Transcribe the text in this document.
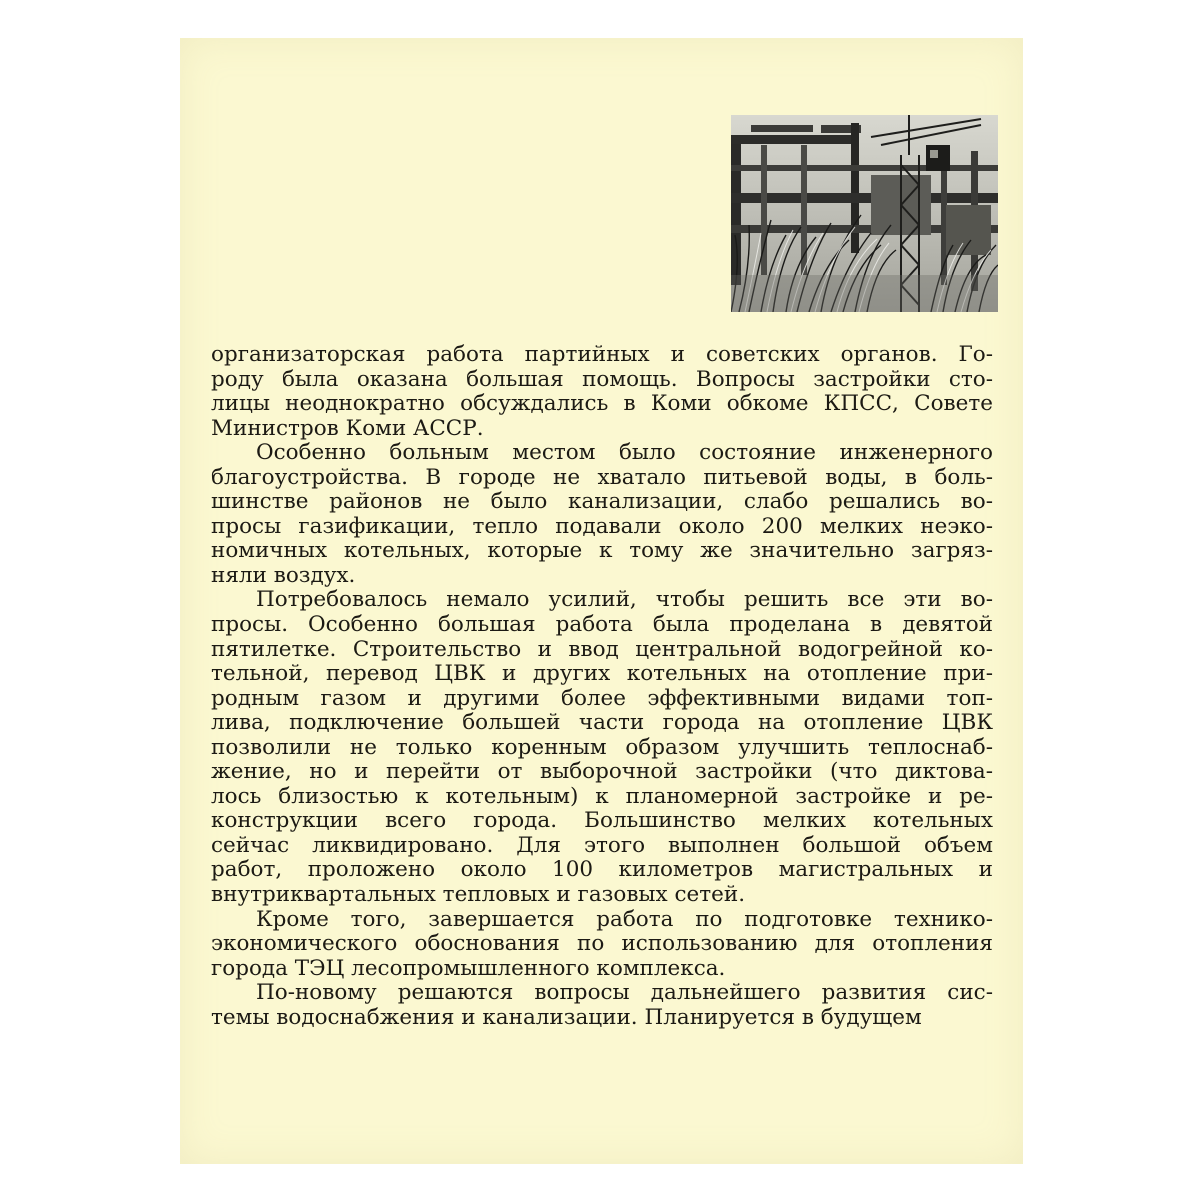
организаторская работа партийных и советских органов. Го-
роду была оказана большая помощь. Вопросы застройки сто-
лицы неоднократно обсуждались в Коми обкоме КПСС, Совете
Министров Коми АССР.
Особенно больным местом было состояние инженерного
благоустройства. В городе не хватало питьевой воды, в боль-
шинстве районов не было канализации, слабо решались во-
просы газификации, тепло подавали около 200 мелких неэко-
номичных котельных, которые к тому же значительно загряз-
няли воздух.
Потребовалось немало усилий, чтобы решить все эти во-
просы. Особенно большая работа была проделана в девятой
пятилетке. Строительство и ввод центральной водогрейной ко-
тельной, перевод ЦВК и других котельных на отопление при-
родным газом и другими более эффективными видами топ-
лива, подключение большей части города на отопление ЦВК
позволили не только коренным образом улучшить теплоснаб-
жение, но и перейти от выборочной застройки (что диктова-
лось близостью к котельным) к планомерной застройке и ре-
конструкции всего города. Большинство мелких котельных
сейчас ликвидировано. Для этого выполнен большой объем
работ, проложено около 100 километров магистральных и
внутриквартальных тепловых и газовых сетей.
Кроме того, завершается работа по подготовке технико-
экономического обоснования по использованию для отопления
города ТЭЦ лесопромышленного комплекса.
По-новому решаются вопросы дальнейшего развития сис-
темы водоснабжения и канализации. Планируется в будущем
